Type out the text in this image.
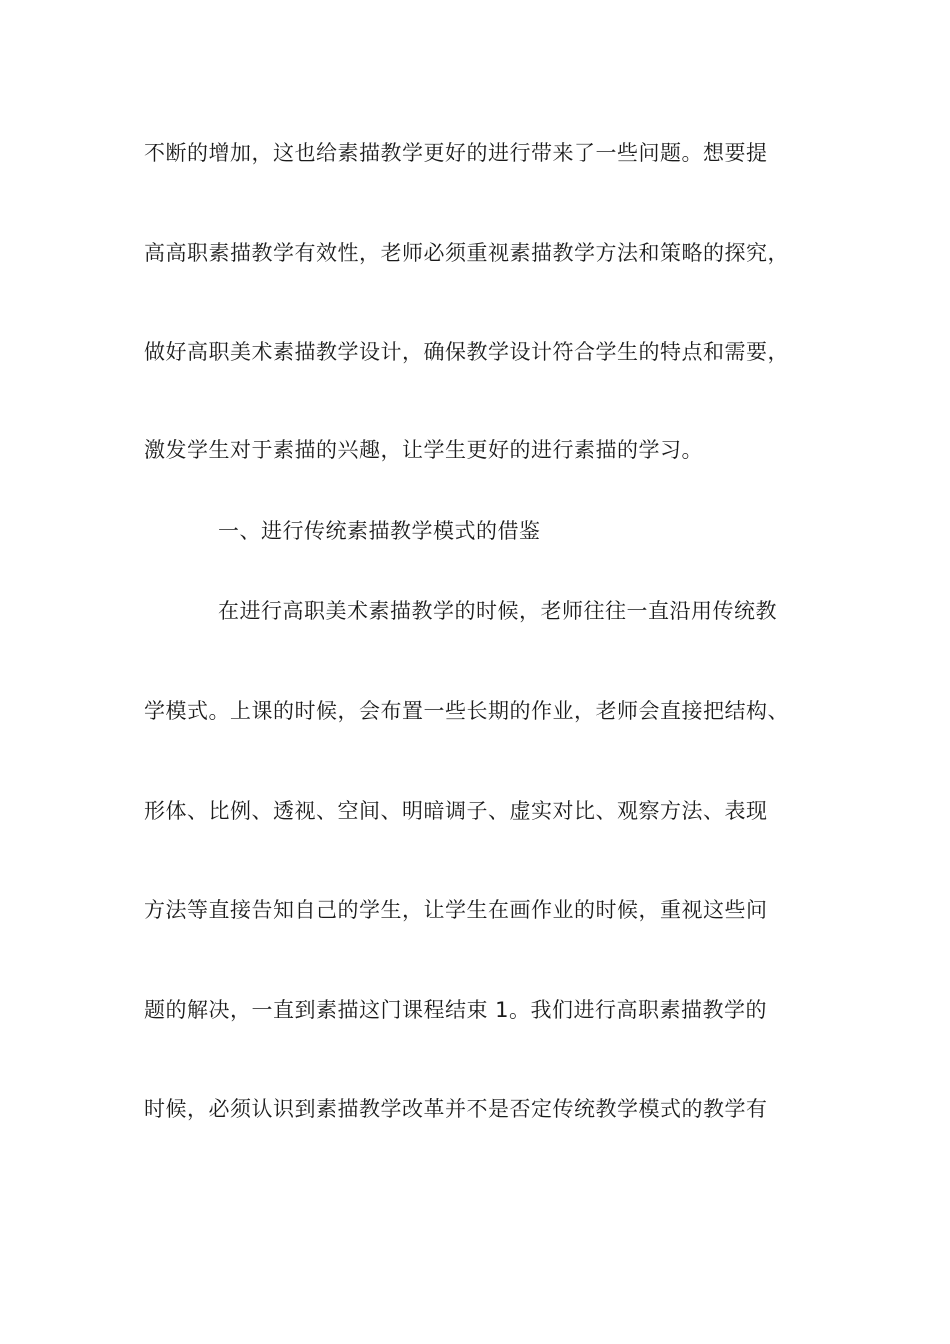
不断的增加，这也给素描教学更好的进行带来了一些问题。想要提
高高职素描教学有效性，老师必须重视素描教学方法和策略的探究，
做好高职美术素描教学设计，确保教学设计符合学生的特点和需要，
激发学生对于素描的兴趣，让学生更好的进行素描的学习。
一、进行传统素描教学模式的借鉴
在进行高职美术素描教学的时候，老师往往一直沿用传统教
学模式。上课的时候，会布置一些长期的作业，老师会直接把结构、
形体、比例、透视、空间、明暗调子、虚实对比、观察方法、表现
方法等直接告知自己的学生，让学生在画作业的时候，重视这些问
题的解决，一直到素描这门课程结束 1。我们进行高职素描教学的
时候，必须认识到素描教学改革并不是否定传统教学模式的教学有
